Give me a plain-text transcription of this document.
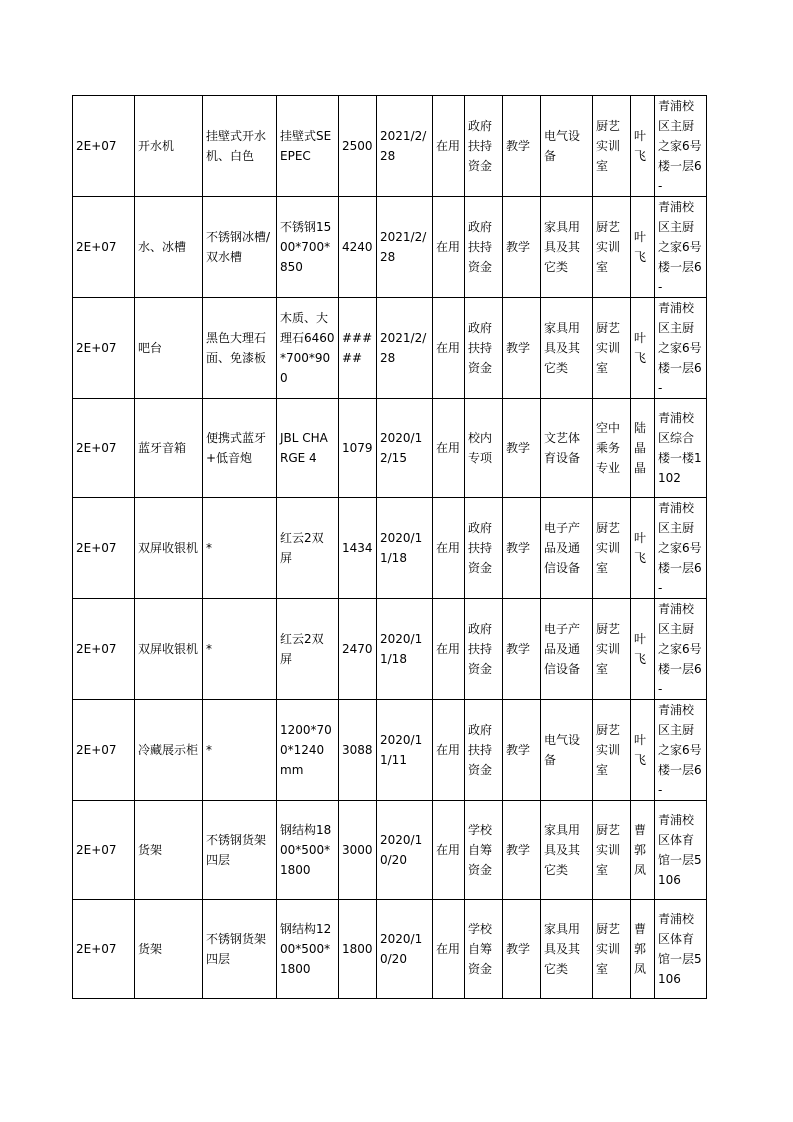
2E+07	开水机	挂壁式开水机、白色	挂壁式SEEPEC	2500	2021/2/28	在用	政府扶持资金	教学	电气设备	厨艺实训室	叶飞	青浦校区主厨之家6号楼一层6-
2E+07	水、冰槽	不锈钢冰槽/双水槽	不锈钢1500*700*850	4240	2021/2/28	在用	政府扶持资金	教学	家具用具及其它类	厨艺实训室	叶飞	青浦校区主厨之家6号楼一层6-
2E+07	吧台	黑色大理石面、免漆板	木质、大理石6460*700*900	#####	2021/2/28	在用	政府扶持资金	教学	家具用具及其它类	厨艺实训室	叶飞	青浦校区主厨之家6号楼一层6-
2E+07	蓝牙音箱	便携式蓝牙+低音炮	JBL CHARGE 4	1079	2020/12/15	在用	校内专项	教学	文艺体育设备	空中乘务专业	陆晶晶	青浦校区综合楼一楼1102
2E+07	双屏收银机	*	红云2双屏	1434	2020/11/18	在用	政府扶持资金	教学	电子产品及通信设备	厨艺实训室	叶飞	青浦校区主厨之家6号楼一层6-
2E+07	双屏收银机	*	红云2双屏	2470	2020/11/18	在用	政府扶持资金	教学	电子产品及通信设备	厨艺实训室	叶飞	青浦校区主厨之家6号楼一层6-
2E+07	冷藏展示柜	*	1200*700*1240mm	3088	2020/11/11	在用	政府扶持资金	教学	电气设备	厨艺实训室	叶飞	青浦校区主厨之家6号楼一层6-
2E+07	货架	不锈钢货架四层	钢结构1800*500*1800	3000	2020/10/20	在用	学校自筹资金	教学	家具用具及其它类	厨艺实训室	曹郭凤	青浦校区体育馆一层5106
2E+07	货架	不锈钢货架四层	钢结构1200*500*1800	1800	2020/10/20	在用	学校自筹资金	教学	家具用具及其它类	厨艺实训室	曹郭凤	青浦校区体育馆一层5106
